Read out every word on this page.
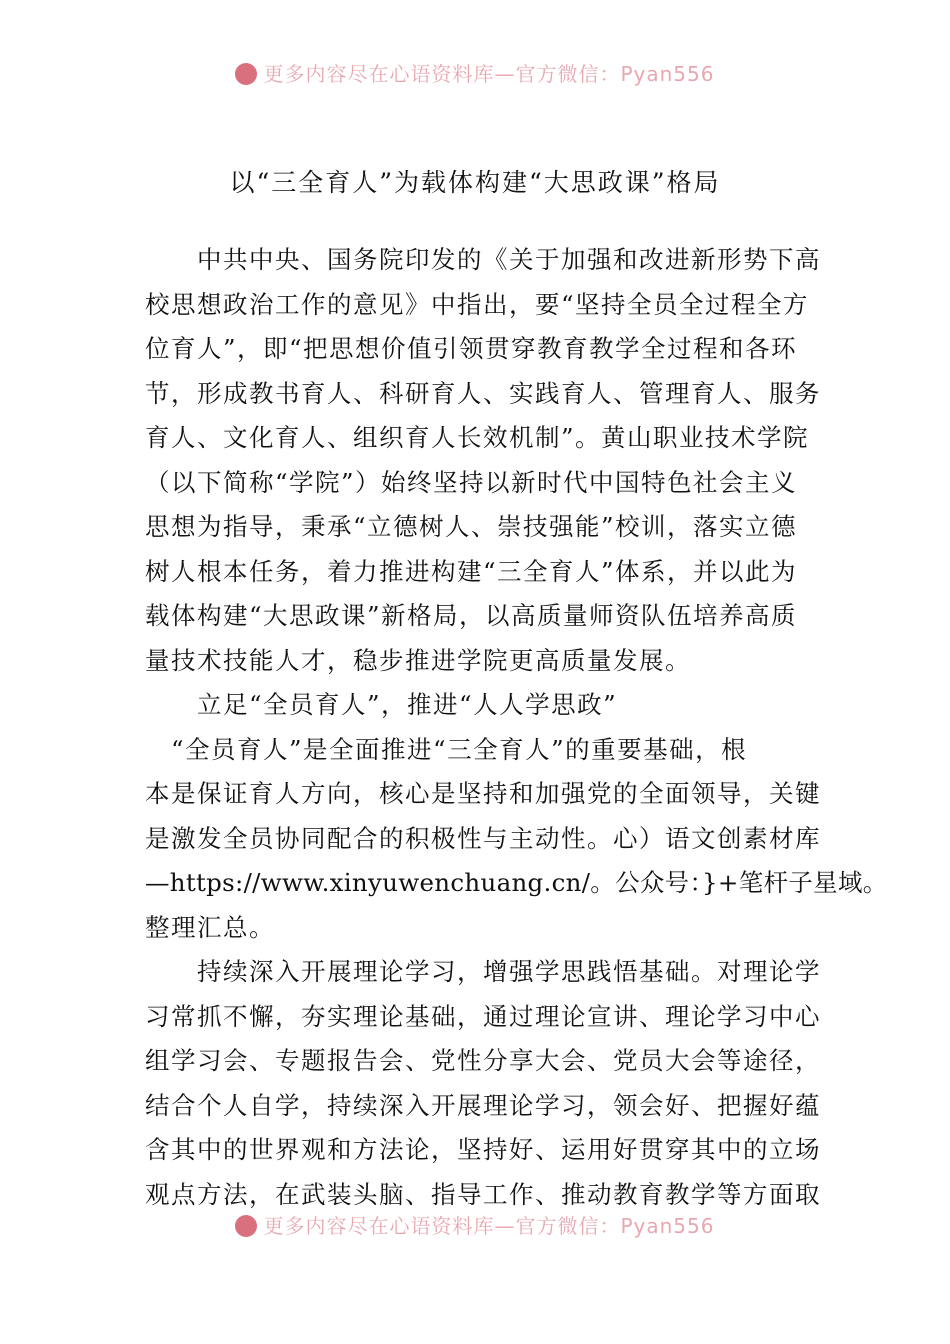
更多内容尽在心语资料库—官方微信：Pyan556
以“三全育人”为载体构建“大思政课”格局
中共中央、国务院印发的《关于加强和改进新形势下高
校思想政治工作的意见》中指出，要“坚持全员全过程全方
位育人”，即“把思想价值引领贯穿教育教学全过程和各环
节，形成教书育人、科研育人、实践育人、管理育人、服务
育人、文化育人、组织育人长效机制”。黄山职业技术学院
（以下简称“学院”）始终坚持以新时代中国特色社会主义
思想为指导，秉承“立德树人、崇技强能”校训，落实立德
树人根本任务，着力推进构建“三全育人”体系，并以此为
载体构建“大思政课”新格局，以高质量师资队伍培养高质
量技术技能人才，稳步推进学院更高质量发展。
立足“全员育人”，推进“人人学思政”
“全员育人”是全面推进“三全育人”的重要基础，根
本是保证育人方向，核心是坚持和加强党的全面领导，关键
是激发全员协同配合的积极性与主动性。心）语文创素材库
—https://www.xinyuwenchuang.cn/。公众号：}+笔杆子星域。
整理汇总。
持续深入开展理论学习，增强学思践悟基础。对理论学
习常抓不懈，夯实理论基础，通过理论宣讲、理论学习中心
组学习会、专题报告会、党性分享大会、党员大会等途径，
结合个人自学，持续深入开展理论学习，领会好、把握好蕴
含其中的世界观和方法论，坚持好、运用好贯穿其中的立场
观点方法，在武装头脑、指导工作、推动教育教学等方面取
更多内容尽在心语资料库—官方微信：Pyan556
